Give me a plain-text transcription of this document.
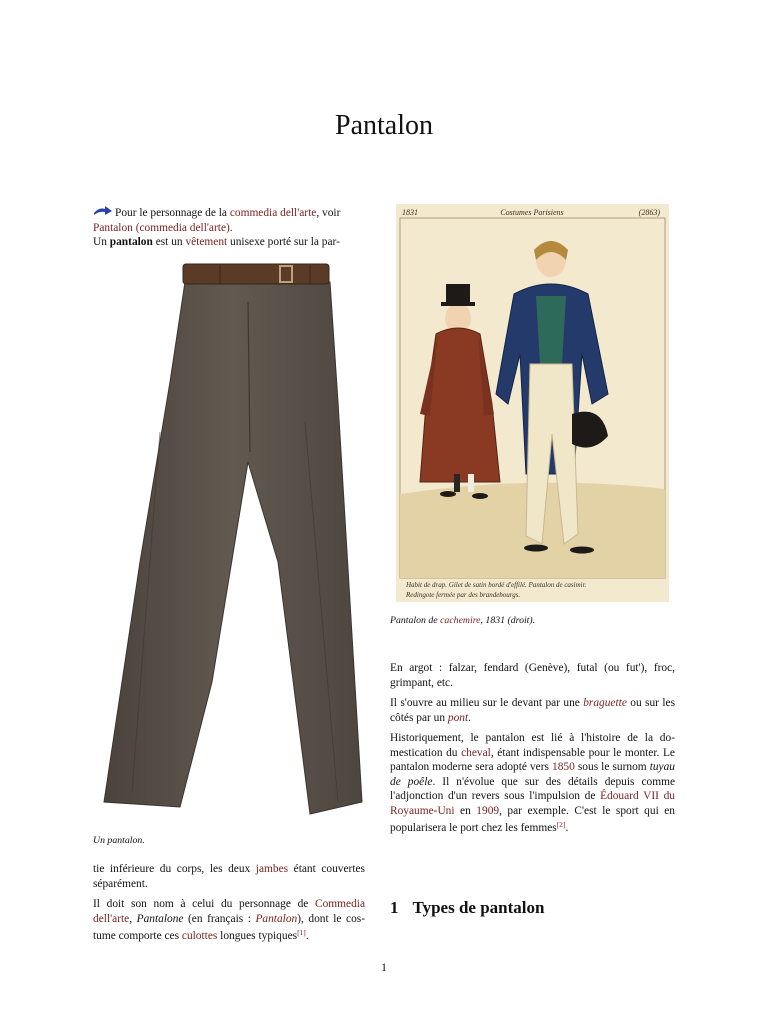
Pantalon

Pour le personnage de la commedia dell'arte, voir Pantalon (commedia dell'arte).

Un pantalon est un vêtement unisexe porté sur la par-

Un pantalon.

tie inférieure du corps, les deux jambes étant couvertes séparément.

Il doit son nom à celui du personnage de Commedia dell'arte, Pantalone (en français : Pantalon), dont le costume comporte ces culottes longues typiques[1].

1831	Costumes Parisiens	(2863)
Habit de drap. Gilet de satin bordé d'effilé. Pantalon de casimir.
Redingote fermée par des brandebourgs.
Pantalon de cachemire, 1831 (droit).

En argot : falzar, fendard (Genève), futal (ou fut'), froc, grimpant, etc.

Il s'ouvre au milieu sur le devant par une braguette ou sur les côtés par un pont.

Historiquement, le pantalon est lié à l'histoire de la domestication du cheval, étant indispensable pour le monter. Le pantalon moderne sera adopté vers 1850 sous le surnom tuyau de poêle. Il n'évolue que sur des détails depuis comme l'adjonction d'un revers sous l'impulsion de Édouard VII du Royaume-Uni en 1909, par exemple. C'est le sport qui en popularisera le port chez les femmes[2].

1 Types de pantalon
1
